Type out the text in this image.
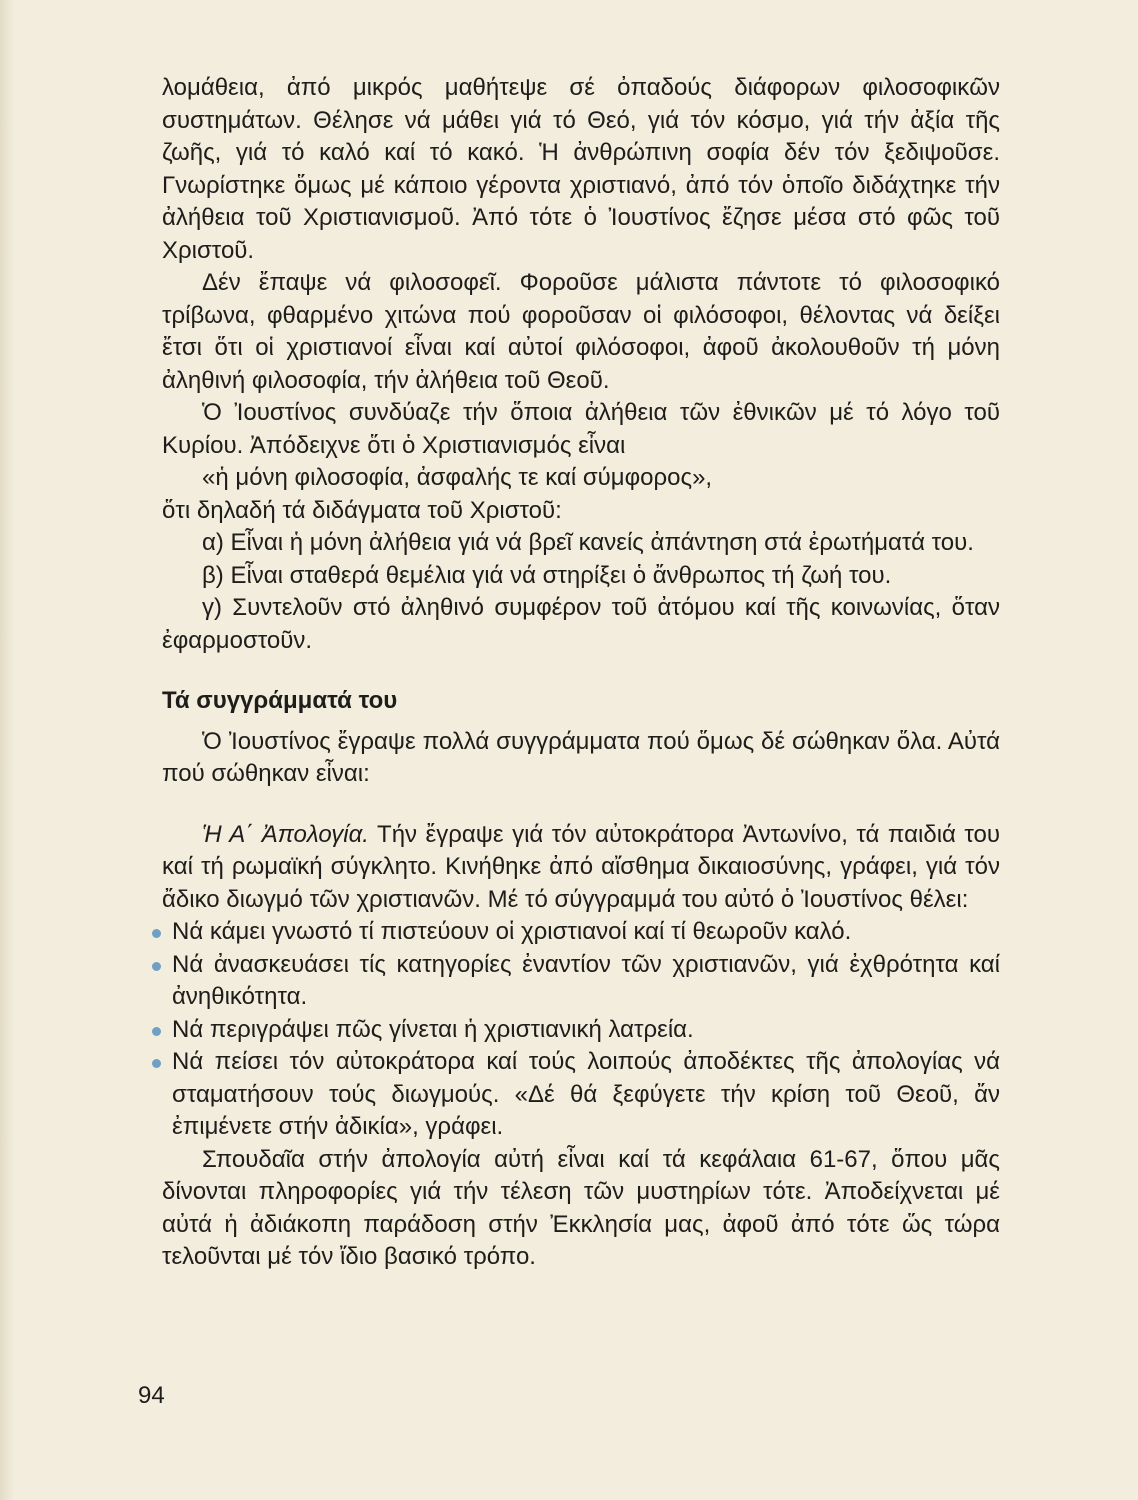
λομάθεια, ἀπό μικρός μαθήτεψε σέ ὀπαδούς διάφορων φιλοσοφικῶν συστημάτων. Θέλησε νά μάθει γιά τό Θεό, γιά τόν κόσμο, γιά τήν ἀξία τῆς ζωῆς, γιά τό καλό καί τό κακό. Ἡ ἀνθρώπινη σοφία δέν τόν ξεδιψοῦσε. Γνωρίστηκε ὅμως μέ κάποιο γέροντα χριστιανό, ἀπό τόν ὁποῖο διδάχτηκε τήν ἀλήθεια τοῦ Χριστιανισμοῦ. Ἀπό τότε ὁ Ἰουστίνος ἔζησε μέσα στό φῶς τοῦ Χριστοῦ.

Δέν ἔπαψε νά φιλοσοφεῖ. Φοροῦσε μάλιστα πάντοτε τό φιλοσοφικό τρίβωνα, φθαρμένο χιτώνα πού φοροῦσαν οἱ φιλόσοφοι, θέλοντας νά δείξει ἔτσι ὅτι οἱ χριστιανοί εἶναι καί αὐτοί φιλόσοφοι, ἀφοῦ ἀκολουθοῦν τή μόνη ἀληθινή φιλοσοφία, τήν ἀλήθεια τοῦ Θεοῦ.

Ὁ Ἰουστίνος συνδύαζε τήν ὅποια ἀλήθεια τῶν ἐθνικῶν μέ τό λόγο τοῦ Κυρίου. Ἀπόδειχνε ὅτι ὁ Χριστιανισμός εἶναι

«ἡ μόνη φιλοσοφία, ἀσφαλής τε καί σύμφορος»,

ὅτι δηλαδή τά διδάγματα τοῦ Χριστοῦ:

α) Εἶναι ἡ μόνη ἀλήθεια γιά νά βρεῖ κανείς ἀπάντηση στά ἐρωτήματά του.

β) Εἶναι σταθερά θεμέλια γιά νά στηρίξει ὁ ἄνθρωπος τή ζωή του.

γ) Συντελοῦν στό ἀληθινό συμφέρον τοῦ ἀτόμου καί τῆς κοινωνίας, ὅταν ἐφαρμοστοῦν.

Τά συγγράμματά του

Ὁ Ἰουστίνος ἔγραψε πολλά συγγράμματα πού ὅμως δέ σώθηκαν ὅλα. Αὐτά πού σώθηκαν εἶναι:

Ἡ Α΄ Ἀπολογία. Τήν ἔγραψε γιά τόν αὐτοκράτορα Ἀντωνίνο, τά παιδιά του καί τή ρωμαϊκή σύγκλητο. Κινήθηκε ἀπό αἴσθημα δικαιοσύνης, γράφει, γιά τόν ἄδικο διωγμό τῶν χριστιανῶν. Μέ τό σύγγραμμά του αὐτό ὁ Ἰουστίνος θέλει:

Νά κάμει γνωστό τί πιστεύουν οἱ χριστιανοί καί τί θεωροῦν καλό.
Νά ἀνασκευάσει τίς κατηγορίες ἐναντίον τῶν χριστιανῶν, γιά ἐχθρότητα καί ἀνηθικότητα.
Νά περιγράψει πῶς γίνεται ἡ χριστιανική λατρεία.
Νά πείσει τόν αὐτοκράτορα καί τούς λοιπούς ἀποδέκτες τῆς ἀπολογίας νά σταματήσουν τούς διωγμούς. «Δέ θά ξεφύγετε τήν κρίση τοῦ Θεοῦ, ἄν ἐπιμένετε στήν ἀδικία», γράφει.

Σπουδαῖα στήν ἀπολογία αὐτή εἶναι καί τά κεφάλαια 61-67, ὅπου μᾶς δίνονται πληροφορίες γιά τήν τέλεση τῶν μυστηρίων τότε. Ἀποδείχνεται μέ αὐτά ἡ ἀδιάκοπη παράδοση στήν Ἐκκλησία μας, ἀφοῦ ἀπό τότε ὥς τώρα τελοῦνται μέ τόν ἴδιο βασικό τρόπο.

94
